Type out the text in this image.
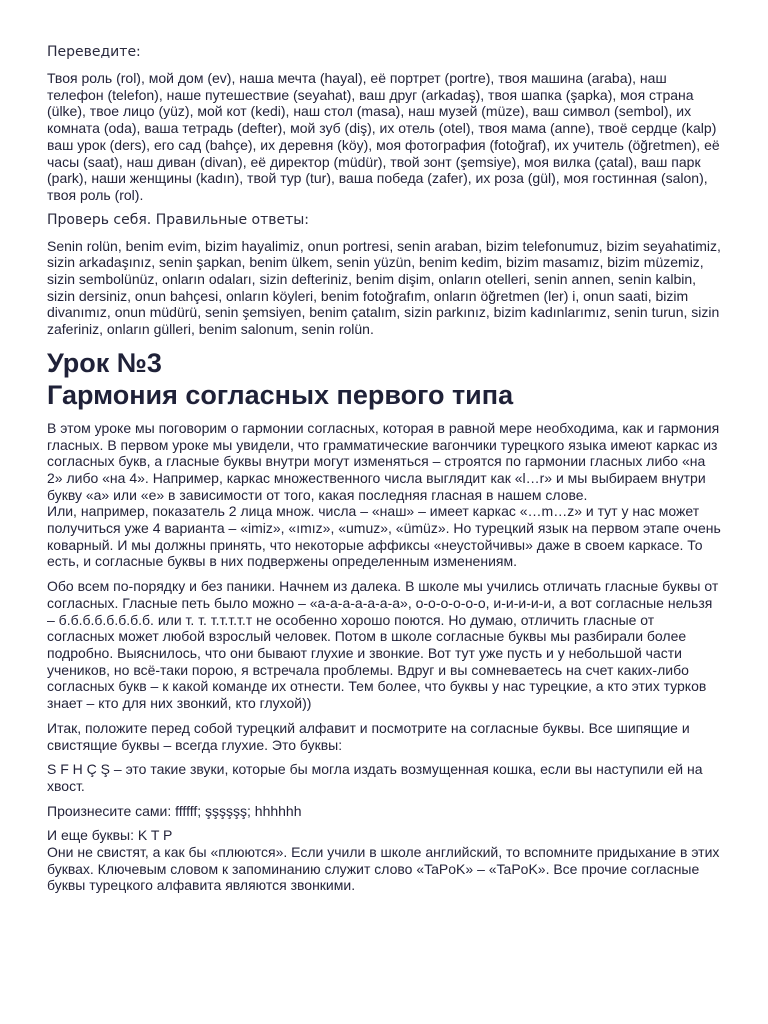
Переведите:

Твоя роль (rol), мой дом (ev), наша мечта (hayal), её портрет (portre), твоя машина (araba), наш телефон (telefon), наше путешествие (seyahat), ваш друг (arkadaş), твоя шапка (şapka), моя страна (ülke), твое лицо (yüz), мой кот (kedi), наш стол (masa), наш музей (müze), ваш символ (sembol), их комната (oda), ваша тетрадь (defter), мой зуб (diş), их отель (otel), твоя мама (anne), твоё сердце (kalp) ваш урок (ders), его сад (bahçe), их деревня (köy), моя фотография (fotoğraf), их учитель (öğretmen), её часы (saat), наш диван (divan), её директор (müdür), твой зонт (şemsiye), моя вилка (çatal), ваш парк (park), наши женщины (kadın), твой тур (tur), ваша победа (zafer), их роза (gül), моя гостинная (salon), твоя роль (rol).

Проверь себя. Правильные ответы:

Senin rolün, benim evim, bizim hayalimiz, onun portresi, senin araban, bizim telefonumuz, bizim seyahatimiz, sizin arkadaşınız, senin şapkan, benim ülkem, senin yüzün, benim kedim, bizim masamız, bizim müzemiz, sizin sembolünüz, onların odaları, sizin defteriniz, benim dişim, onların otelleri, senin annen, senin kalbin, sizin dersiniz, onun bahçesi, onların köyleri, benim fotoğrafım, onların öğretmen (ler) i, onun saati, bizim divanımız, onun müdürü, senin şemsiyen, benim çatalım, sizin parkınız, bizim kadınlarımız, senin turun, sizin zaferiniz, onların gülleri, benim salonum, senin rolün.

Урок №3
Гармония согласных первого типа

В этом уроке мы поговорим о гармонии согласных, которая в равной мере необходима, как и гармония гласных. В первом уроке мы увидели, что грамматические вагончики турецкого языка имеют каркас из согласных букв, а гласные буквы внутри могут изменяться – строятся по гармонии гласных либо «на 2» либо «на 4». Например, каркас множественного числа выглядит как «l…r» и мы выбираем внутри букву «a» или «e» в зависимости от того, какая последняя гласная в нашем слове.

Или, например, показатель 2 лица множ. числа – «наш» – имеет каркас «…m…z» и тут у нас может получиться уже 4 варианта – «imiz», «ımız», «umuz», «ümüz». Но турецкий язык на первом этапе очень коварный. И мы должны принять, что некоторые аффиксы «неустойчивы» даже в своем каркасе. То есть, и согласные буквы в них подвержены определенным изменениям.

Обо всем по-порядку и без паники. Начнем из далека. В школе мы учились отличать гласные буквы от согласных. Гласные петь было можно – «а-а-а-а-а-а-а», о-о-о-о-о-о, и-и-и-и-и, а вот согласные нельзя – б.б.б.б.б.б.б.б. или т. т. т.т.т.т.т не особенно хорошо поются. Но думаю, отличить гласные от согласных может любой взрослый человек. Потом в школе согласные буквы мы разбирали более подробно. Выяснилось, что они бывают глухие и звонкие. Вот тут уже пусть и у небольшой части учеников, но всё-таки порою, я встречала проблемы. Вдруг и вы сомневаетесь на счет каких-либо согласных букв – к какой команде их отнести. Тем более, что буквы у нас турецкие, а кто этих турков знает – кто для них звонкий, кто глухой))

Итак, положите перед собой турецкий алфавит и посмотрите на согласные буквы. Все шипящие и свистящие буквы – всегда глухие. Это буквы:

S F H Ç Ş – это такие звуки, которые бы могла издать возмущенная кошка, если вы наступили ей на хвост.

Произнесите сами: ffffff; şşşşşş; hhhhhh

И еще буквы: K T P

Они не свистят, а как бы «плюются». Если учили в школе английский, то вспомните придыхание в этих буквах. Ключевым словом к запоминанию служит слово «TaPoK» – «TaPoK». Все прочие согласные буквы турецкого алфавита являются звонкими.
